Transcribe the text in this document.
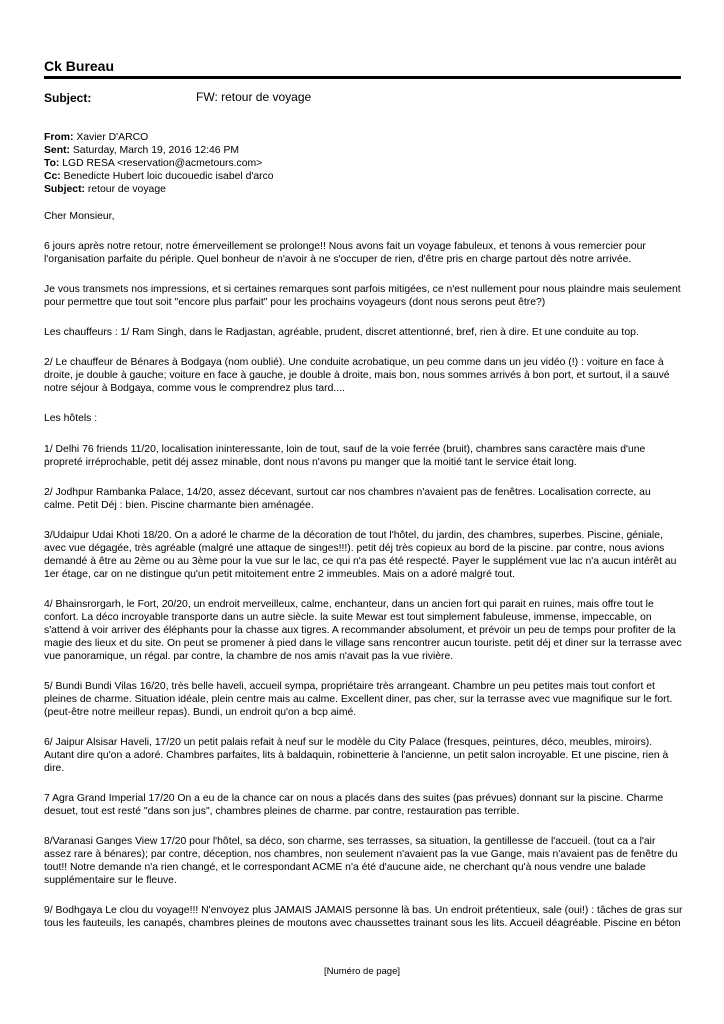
Ck Bureau
Subject:	FW: retour de voyage
From: Xavier D'ARCO
Sent: Saturday, March 19, 2016 12:46 PM
To: LGD RESA <reservation@acmetours.com>
Cc: Benedicte Hubert loic ducouedic isabel d'arco
Subject: retour de voyage

Cher Monsieur,

6 jours après notre retour, notre émerveillement se prolonge!! Nous avons fait un voyage fabuleux, et tenons à vous remercier pour l'organisation parfaite du périple. Quel bonheur de n'avoir à ne s'occuper de rien, d'être pris en charge partout dès notre arrivée.

Je vous transmets nos impressions, et si certaines remarques sont parfois mitigées, ce n'est nullement pour nous plaindre mais seulement pour permettre que tout soit "encore plus parfait" pour les prochains voyageurs (dont nous serons peut être?)

Les chauffeurs : 1/ Ram Singh, dans le Radjastan, agréable, prudent, discret attentionné, bref, rien à dire. Et une conduite au top.

2/ Le chauffeur de Bénares à Bodgaya (nom oublié). Une conduite acrobatique, un peu comme dans un jeu vidéo (!) : voiture en face à droite, je double à gauche; voiture en face à gauche, je double à droite, mais bon, nous sommes arrivés à bon port, et surtout, il a sauvé notre séjour à Bodgaya, comme vous le comprendrez plus tard....

Les hôtels :

1/ Delhi 76 friends 11/20, localisation ininteressante, loin de tout, sauf de la voie ferrée (bruit), chambres sans caractère mais d'une propreté irréprochable, petit déj assez minable, dont nous n'avons pu manger que la moitié tant le service était long.

2/ Jodhpur Rambanka Palace, 14/20, assez décevant, surtout car nos chambres n'avaient pas de fenêtres. Localisation correcte, au calme. Petit Déj : bien. Piscine charmante bien aménagée.

3/Udaipur Udai Khoti 18/20. On a adoré le charme de la décoration de tout l'hôtel, du jardin, des chambres, superbes. Piscine, géniale, avec vue dégagée, très agréable (malgré une attaque de singes!!!). petit déj très copieux au bord de la piscine. par contre, nous avions demandé à être au 2ème ou au 3ème pour la vue sur le lac, ce qui n'a pas été respecté. Payer le supplément vue lac n'a aucun intérêt au 1er étage, car on ne distingue qu'un petit mitoitement entre 2 immeubles. Mais on a adoré malgré tout.

4/ Bhainsrorgarh, le Fort, 20/20, un endroit merveilleux, calme, enchanteur, dans un ancien fort qui parait en ruines, mais offre tout le confort. La déco incroyable transporte dans un autre siècle. la suite Mewar est tout simplement fabuleuse, immense, impeccable, on s'attend à voir arriver des éléphants pour la chasse aux tigres. A recommander absolument, et prévoir un peu de temps pour profiter de la magie des lieux et du site. On peut se promener à pied dans le village sans rencontrer aucun touriste. petit déj et diner sur la terrasse avec vue panoramique, un régal. par contre, la chambre de nos amis n'avait pas la vue rivière.

5/ Bundi Bundi Vilas 16/20, très belle haveli, accueil sympa, propriétaire très arrangeant. Chambre un peu petites mais tout confort et pleines de charme. Situation idéale, plein centre mais au calme. Excellent diner, pas cher, sur la terrasse avec vue magnifique sur le fort. (peut-être notre meilleur repas). Bundi, un endroit qu'on a bcp aimé.

6/ Jaipur Alsisar Haveli, 17/20 un petit palais refait à neuf sur le modèle du City Palace (fresques, peintures, déco, meubles, miroirs). Autant dire qu'on a adoré. Chambres parfaites, lits à baldaquin, robinetterie à l'ancienne, un petit salon incroyable. Et une piscine, rien à dire.

7 Agra Grand Imperial 17/20 On a eu de la chance car on nous a placés dans des suites (pas prévues) donnant sur la piscine. Charme desuet, tout est resté "dans son jus", chambres pleines de charme. par contre, restauration pas terrible.

8/Varanasi Ganges View 17/20 pour l'hôtel, sa déco, son charme, ses terrasses, sa situation, la gentillesse de l'accueil. (tout ca a l'air assez rare à bénares); par contre, déception, nos chambres, non seulement n'avaient pas la vue Gange, mais n'avaient pas de fenêtre du tout!! Notre demande n'a rien changé, et le correspondant ACME n'a été d'aucune aide, ne cherchant qu'à nous vendre une balade supplémentaire sur le fleuve.

9/ Bodhgaya Le clou du voyage!!! N'envoyez plus JAMAIS JAMAIS personne là bas. Un endroit prétentieux, sale (oui!) : tâches de gras sur tous les fauteuils, les canapés, chambres pleines de moutons avec chaussettes trainant sous les lits. Accueil déagréable. Piscine en béton

[Numéro de page]
